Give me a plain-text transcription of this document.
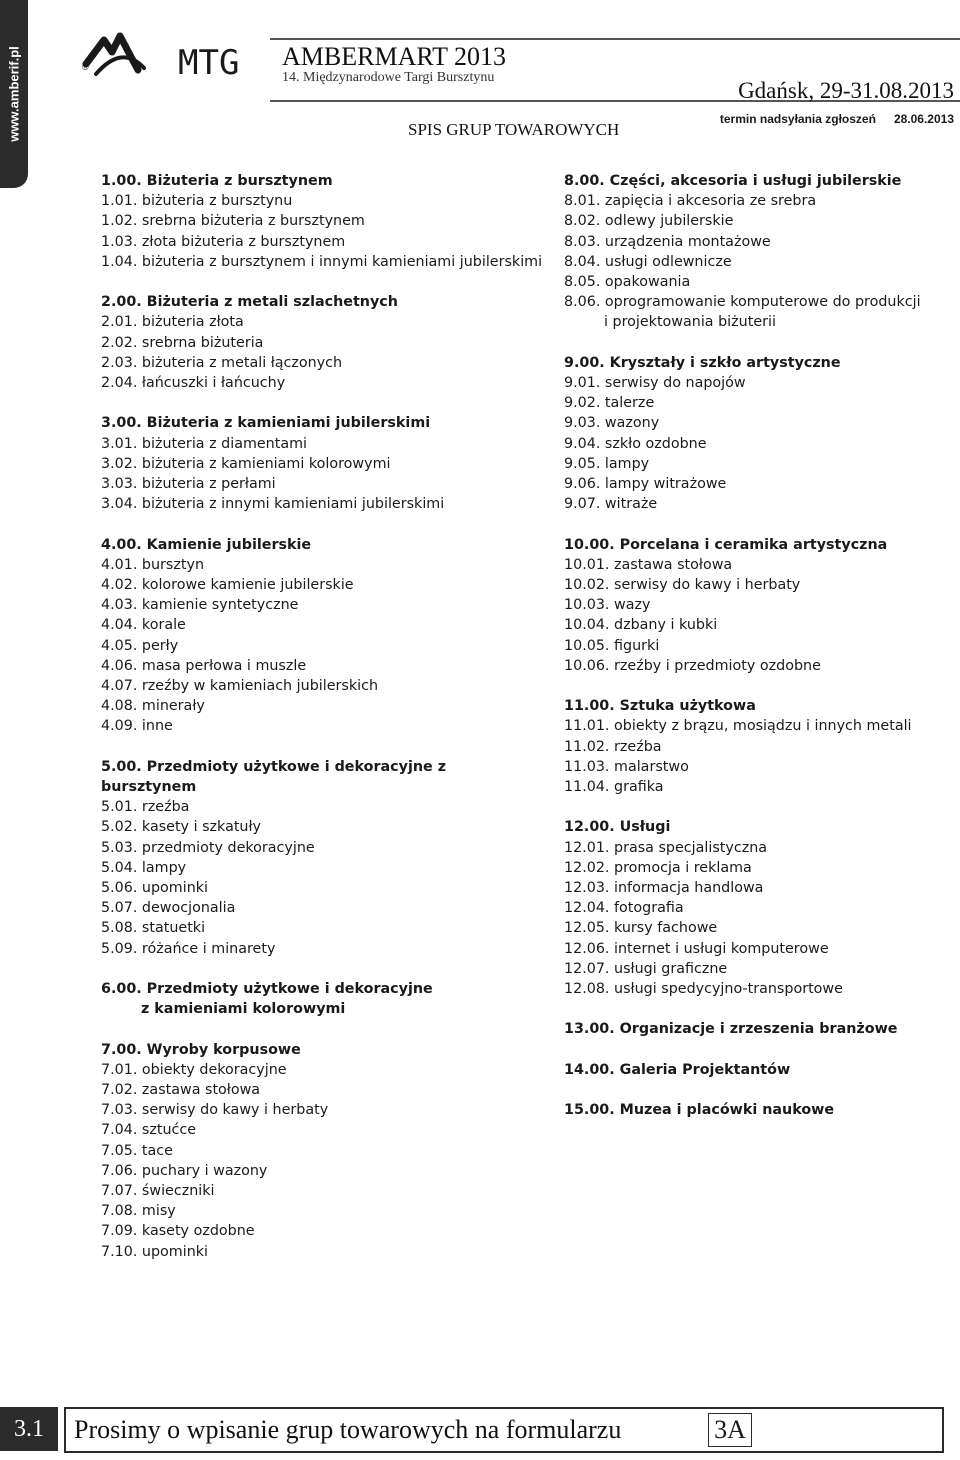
www.amberif.pl	MTG
®
Gdańsk, 29-31.08.2013
termin nadsyłania zgłoszeń 28.06.2013
AMBERMART 2013
14. Międzynarodowe Targi Bursztynu
SPIS GRUP TOWAROWYCH
1.00. Biżuteria z bursztynem
1.01. biżuteria z bursztynu
1.02. srebrna biżuteria z bursztynem
1.03. złota biżuteria z bursztynem
1.04. biżuteria z bursztynem i innymi kamieniami jubilerskimi
2.00. Biżuteria z metali szlachetnych
2.01. biżuteria złota
2.02. srebrna biżuteria
2.03. biżuteria z metali łączonych
2.04. łańcuszki i łańcuchy
3.00. Biżuteria z kamieniami jubilerskimi
3.01. biżuteria z diamentami
3.02. biżuteria z kamieniami kolorowymi
3.03. biżuteria z perłami
3.04. biżuteria z innymi kamieniami jubilerskimi
4.00. Kamienie jubilerskie
4.01. bursztyn
4.02. kolorowe kamienie jubilerskie
4.03. kamienie syntetyczne
4.04. korale
4.05. perły
4.06. masa perłowa i muszle
4.07. rzeźby w kamieniach jubilerskich
4.08. minerały
4.09. inne
5.00. Przedmioty użytkowe i dekoracyjne z bursztynem
5.01. rzeźba
5.02. kasety i szkatuły
5.03. przedmioty dekoracyjne
5.04. lampy
5.06. upominki
5.07. dewocjonalia
5.08. statuetki
5.09. różańce i minarety
6.00. Przedmioty użytkowe i dekoracyjne
z kamieniami kolorowymi
7.00. Wyroby korpusowe
7.01. obiekty dekoracyjne
7.02. zastawa stołowa
7.03. serwisy do kawy i herbaty
7.04. sztućce
7.05. tace
7.06. puchary i wazony
7.07. świeczniki
7.08. misy
7.09. kasety ozdobne
7.10. upominki
8.00. Części, akcesoria i usługi jubilerskie
8.01. zapięcia i akcesoria ze srebra
8.02. odlewy jubilerskie
8.03. urządzenia montażowe
8.04. usługi odlewnicze
8.05. opakowania
8.06. oprogramowanie komputerowe do produkcji
i projektowania biżuterii
9.00. Kryształy i szkło artystyczne
9.01. serwisy do napojów
9.02. talerze
9.03. wazony
9.04. szkło ozdobne
9.05. lampy
9.06. lampy witrażowe
9.07. witraże
10.00. Porcelana i ceramika artystyczna
10.01. zastawa stołowa
10.02. serwisy do kawy i herbaty
10.03. wazy
10.04. dzbany i kubki
10.05. figurki
10.06. rzeźby i przedmioty ozdobne
11.00. Sztuka użytkowa
11.01. obiekty z brązu, mosiądzu i innych metali
11.02. rzeźba
11.03. malarstwo
11.04. grafika
12.00. Usługi
12.01. prasa specjalistyczna
12.02. promocja i reklama
12.03. informacja handlowa
12.04. fotografia
12.05. kursy fachowe
12.06. internet i usługi komputerowe
12.07. usługi graficzne
12.08. usługi spedycyjno-transportowe
13.00. Organizacje i zrzeszenia branżowe
14.00. Galeria Projektantów
15.00. Muzea i placówki naukowe
3.1	Prosimy o wpisanie grup towarowych na formularzu	3A
